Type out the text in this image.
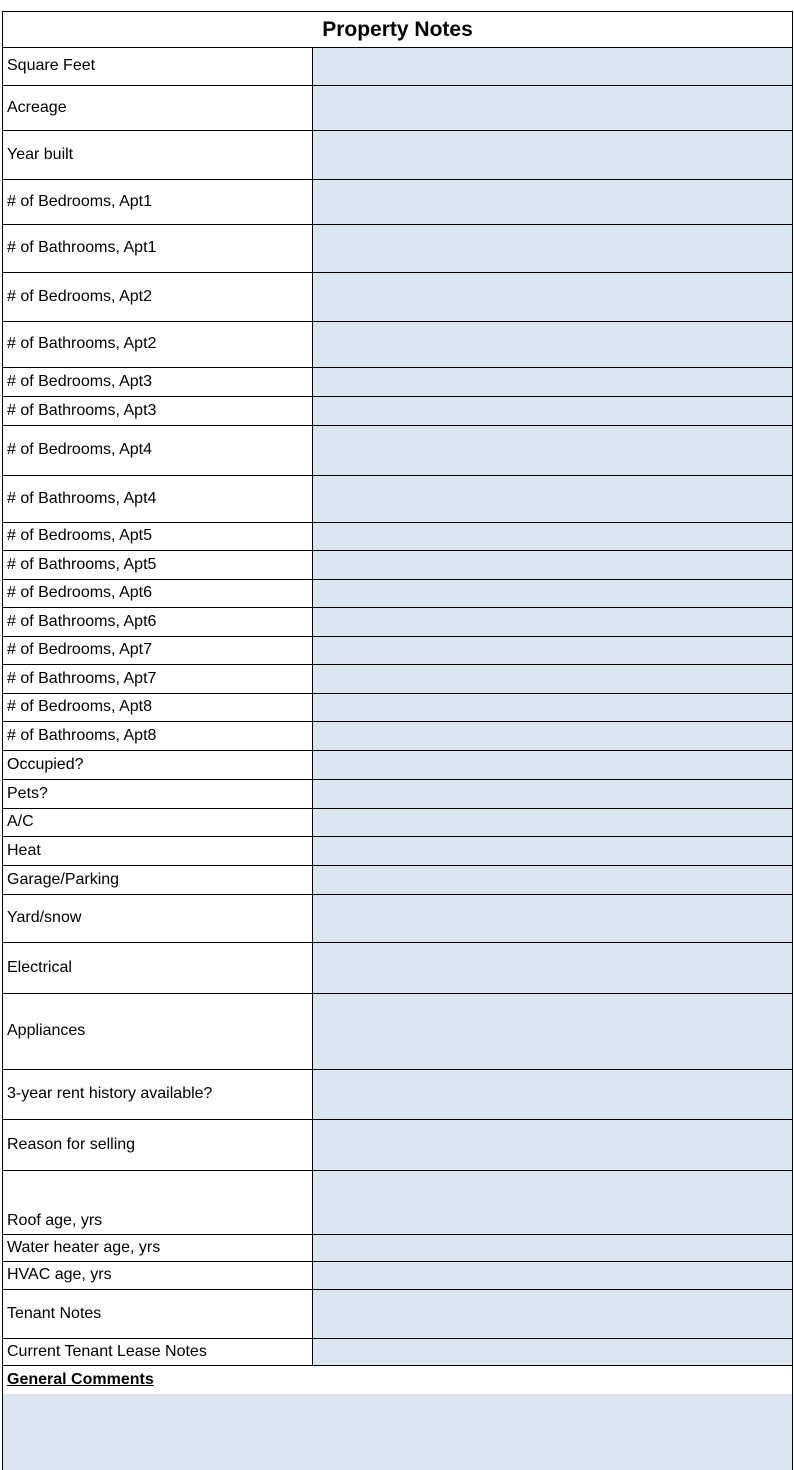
Property Notes
Square Feet
Acreage
Year built
# of Bedrooms, Apt1
# of Bathrooms, Apt1
# of Bedrooms, Apt2
# of Bathrooms, Apt2
# of Bedrooms, Apt3
# of Bathrooms, Apt3
# of Bedrooms, Apt4
# of Bathrooms, Apt4
# of Bedrooms, Apt5
# of Bathrooms, Apt5
# of Bedrooms, Apt6
# of Bathrooms, Apt6
# of Bedrooms, Apt7
# of Bathrooms, Apt7
# of Bedrooms, Apt8
# of Bathrooms, Apt8
Occupied?
Pets?
A/C
Heat
Garage/Parking
Yard/snow
Electrical
Appliances
3-year rent history available?
Reason for selling
Roof age, yrs
Water heater age, yrs
HVAC age, yrs
Tenant Notes
Current Tenant Lease Notes
General Comments
